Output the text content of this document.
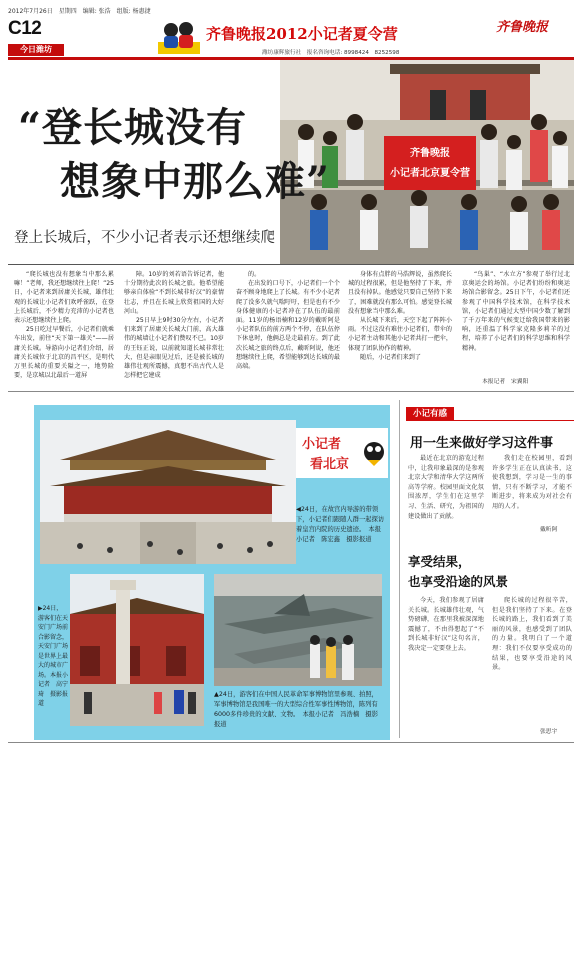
2012年7月26日　星期四　编辑: 张浩　组版: 杨惠捷
C12
今日潍坊
齐鲁晚报2012小记者夏令营
潍坊康辉旅行社　报名咨询电话: 8998424　8252598
齐鲁晚报
齐鲁晚报
小记者北京夏令营
“登长城没有
想象中那么难”
登上长城后，不少小记者表示还想继续爬

“爬长城也没有想象当中那么累嘛！”老师，我还想继续往上爬！”25日，小记者来到居庸关长城，雄伟壮观的长城让小记者们欢呼雀跃，在登上长城后，不少精力充沛的小记者也表示还想继续往上爬。

25日吃过早餐后，小记者们就乘车出发，前往“天下第一雄关”——居庸关长城。导游向小记者们介绍，居庸关长城位于北京的昌平区，是明代万里长城的重要关隘之一，地势险要，是京城以北最后一道屏

障。10岁的刘若语告诉记者，他十分期待此次的长城之旅。他希望能够亲自体验“不到长城非好汉”的豪情壮志，并且在长城上欣赏祖国的大好河山。

25日早上9时30分左右，小记者们来到了居庸关长城大门前，高大雄伟的城墙让小记者们赞叹不已。10岁的王钰正说，以前就知道长城非常壮大，但是亲眼见过后，还是被长城的雄伟壮观所震撼，真想不出古代人是怎样把它建成

的。

在出发的口号下，小记者们一个个奋不顾身地爬上了长城。有不少小记者爬了没多久就气喘吁吁，但是也有不少身体健康的小记者冲在了队伍的最前面。11岁的杨语楠和12岁的戴昕阿是小记者队伍的前方两个不停，在队伍停下休息时，他俩总是走最前方。到了此次长城之旅的终点后，戴昕阿说，他还想继续往上爬，希望能够到达长城的最高端。

身体有点胖的马浩辉说，虽然爬长城的过程很累，但是他坚持了下来，并且没有掉队。他感觉只要自己坚持下来了，困难就没有那么可怕。感觉登长城没有想象当中那么难。

从长城下来后，天空下起了阵阵小雨。不过这没有难住小记者们，带伞的小记者主动和其他小记者共打一把伞，体现了团队协作的精神。

随后，小记者们来到了

“鸟巢”、“水立方”参观了举行过北京奥运会的场馆。小记者们纷纷和奥运场馆合影留念。25日下午，小记者们还参观了中国科学技术馆，在科学技术馆，小记者们通过大型中国少数了解到了千万年来的气候变迁给我国带来的影响，还重温了科学家克隆多莉羊的过程，培养了小记者们的科学思维和科学精神。

本报记者　宋翼阳
小记者
看北京
◀24日，在故宫内导游的带领下，小记者们跟随人群一起探访着皇宫内院的历史遗迹。　本报小记者　陈宏鑫　摄影报道
▶24日，游客们在天安门广场前合影留念，天安门广场是世界上最大的城市广场。本报小记者　高宁琦　摄影报道
▲24日，游客们在中国人民革命军事博物馆里参观、拍照，军事博物馆是我国唯一的大型综合性军事性博物馆，陈列有6000多件珍贵的文献、文物。　本报小记者　冯浩楠　摄影报道
小记有感
用一生来做好学习这件事

最近在北京的游览过程中，让我印象最深的是参观北京大学和清华大学这两所高等学府。校园里面文化氛围浓厚，学生们在这里学习、生活、研究，为祖国的建设做出了贡献。

我们走在校园里，看到许多学生正在认真读书，这使我想到，学习是一生的事情，只有不断学习，才能不断进步，将来成为对社会有用的人才。

戴昕阿
享受结果，
也享受沿途的风景

今天，我们参观了居庸关长城。长城雄伟壮观，气势磅礴，在那里我被深深地震撼了，不由得想起了“不到长城非好汉”这句名言，我决定一定要登上去。

爬长城的过程很辛苦，但是我们坚持了下来。在登长城的路上，我们看到了美丽的风景，也感受到了团队的力量。我明白了一个道理：我们不仅要享受成功的结果，也要享受沿途的风景。

张思宇
